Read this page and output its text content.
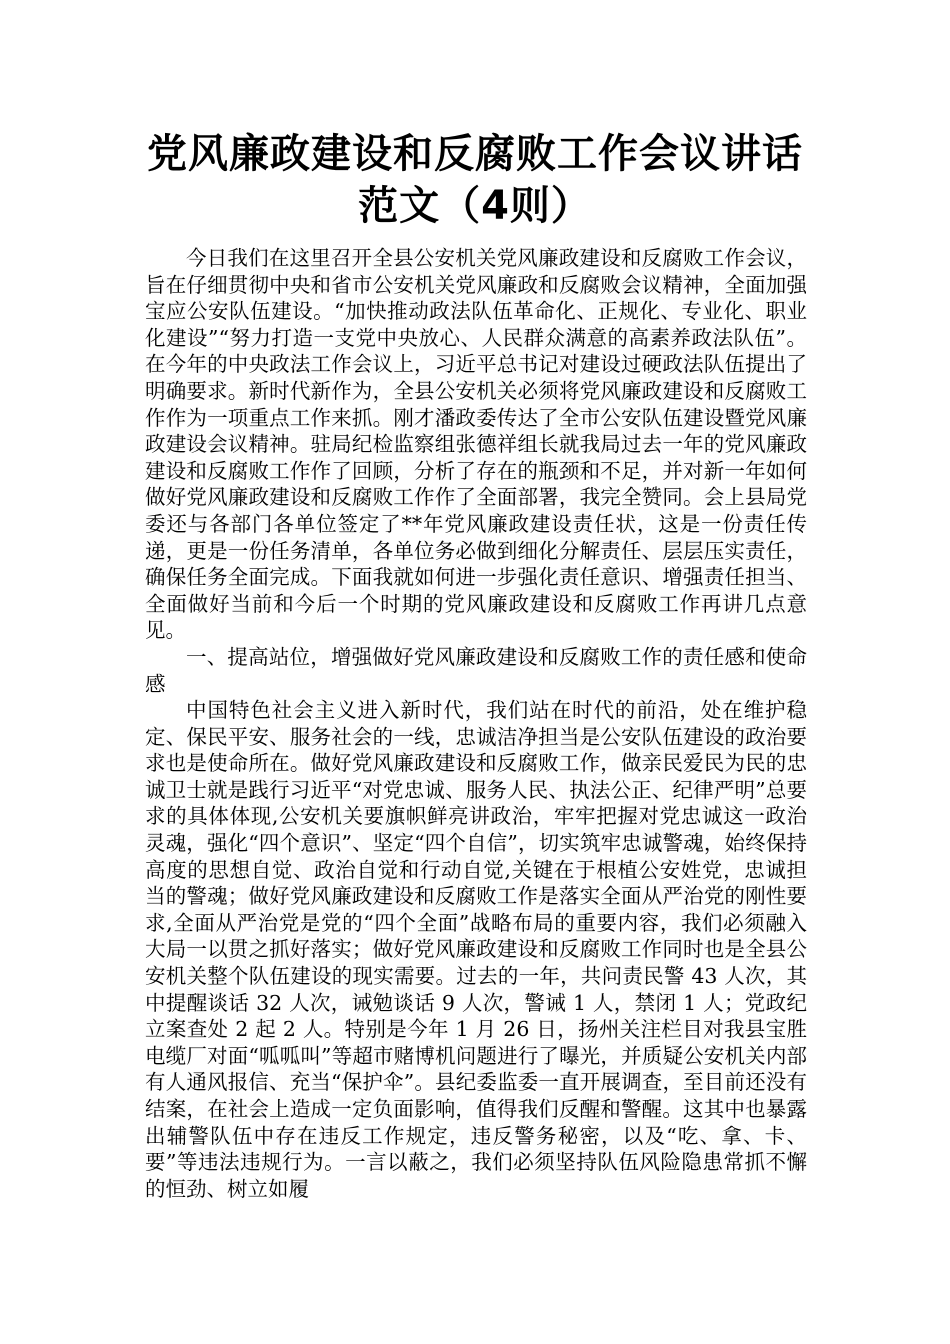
党风廉政建设和反腐败工作会议讲话范文（4则）

今日我们在这里召开全县公安机关党风廉政建设和反腐败工作会议，旨在仔细贯彻中央和省市公安机关党风廉政和反腐败会议精神，全面加强宝应公安队伍建设。“加快推动政法队伍革命化、正规化、专业化、职业化建设”“努力打造一支党中央放心、人民群众满意的高素养政法队伍”。在今年的中央政法工作会议上，习近平总书记对建设过硬政法队伍提出了明确要求。新时代新作为，全县公安机关必须将党风廉政建设和反腐败工作作为一项重点工作来抓。刚才潘政委传达了全市公安队伍建设暨党风廉政建设会议精神。驻局纪检监察组张德祥组长就我局过去一年的党风廉政建设和反腐败工作作了回顾，分析了存在的瓶颈和不足，并对新一年如何做好党风廉政建设和反腐败工作作了全面部署，我完全赞同。会上县局党委还与各部门各单位签定了**年党风廉政建设责任状，这是一份责任传递，更是一份任务清单，各单位务必做到细化分解责任、层层压实责任，确保任务全面完成。下面我就如何进一步强化责任意识、增强责任担当、全面做好当前和今后一个时期的党风廉政建设和反腐败工作再讲几点意见。

一、提高站位，增强做好党风廉政建设和反腐败工作的责任感和使命感

中国特色社会主义进入新时代，我们站在时代的前沿，处在维护稳定、保民平安、服务社会的一线，忠诚洁净担当是公安队伍建设的政治要求也是使命所在。做好党风廉政建设和反腐败工作，做亲民爱民为民的忠诚卫士就是践行习近平“对党忠诚、服务人民、执法公正、纪律严明”总要求的具体体现,公安机关要旗帜鲜亮讲政治，牢牢把握对党忠诚这一政治灵魂，强化“四个意识”、坚定“四个自信”，切实筑牢忠诚警魂，始终保持高度的思想自觉、政治自觉和行动自觉,关键在于根植公安姓党，忠诚担当的警魂；做好党风廉政建设和反腐败工作是落实全面从严治党的刚性要求,全面从严治党是党的“四个全面”战略布局的重要内容，我们必须融入大局一以贯之抓好落实；做好党风廉政建设和反腐败工作同时也是全县公安机关整个队伍建设的现实需要。过去的一年，共问责民警 43 人次，其中提醒谈话 32 人次，诫勉谈话 9 人次，警诫 1 人，禁闭 1 人；党政纪立案查处 2 起 2 人。特别是今年 1 月 26 日，扬州关注栏目对我县宝胜电缆厂对面“呱呱叫”等超市赌博机问题进行了曝光，并质疑公安机关内部有人通风报信、充当“保护伞”。县纪委监委一直开展调查，至目前还没有结案，在社会上造成一定负面影响，值得我们反醒和警醒。这其中也暴露出辅警队伍中存在违反工作规定，违反警务秘密，以及“吃、拿、卡、要”等违法违规行为。一言以蔽之，我们必须坚持队伍风险隐患常抓不懈的恒劲、树立如履
